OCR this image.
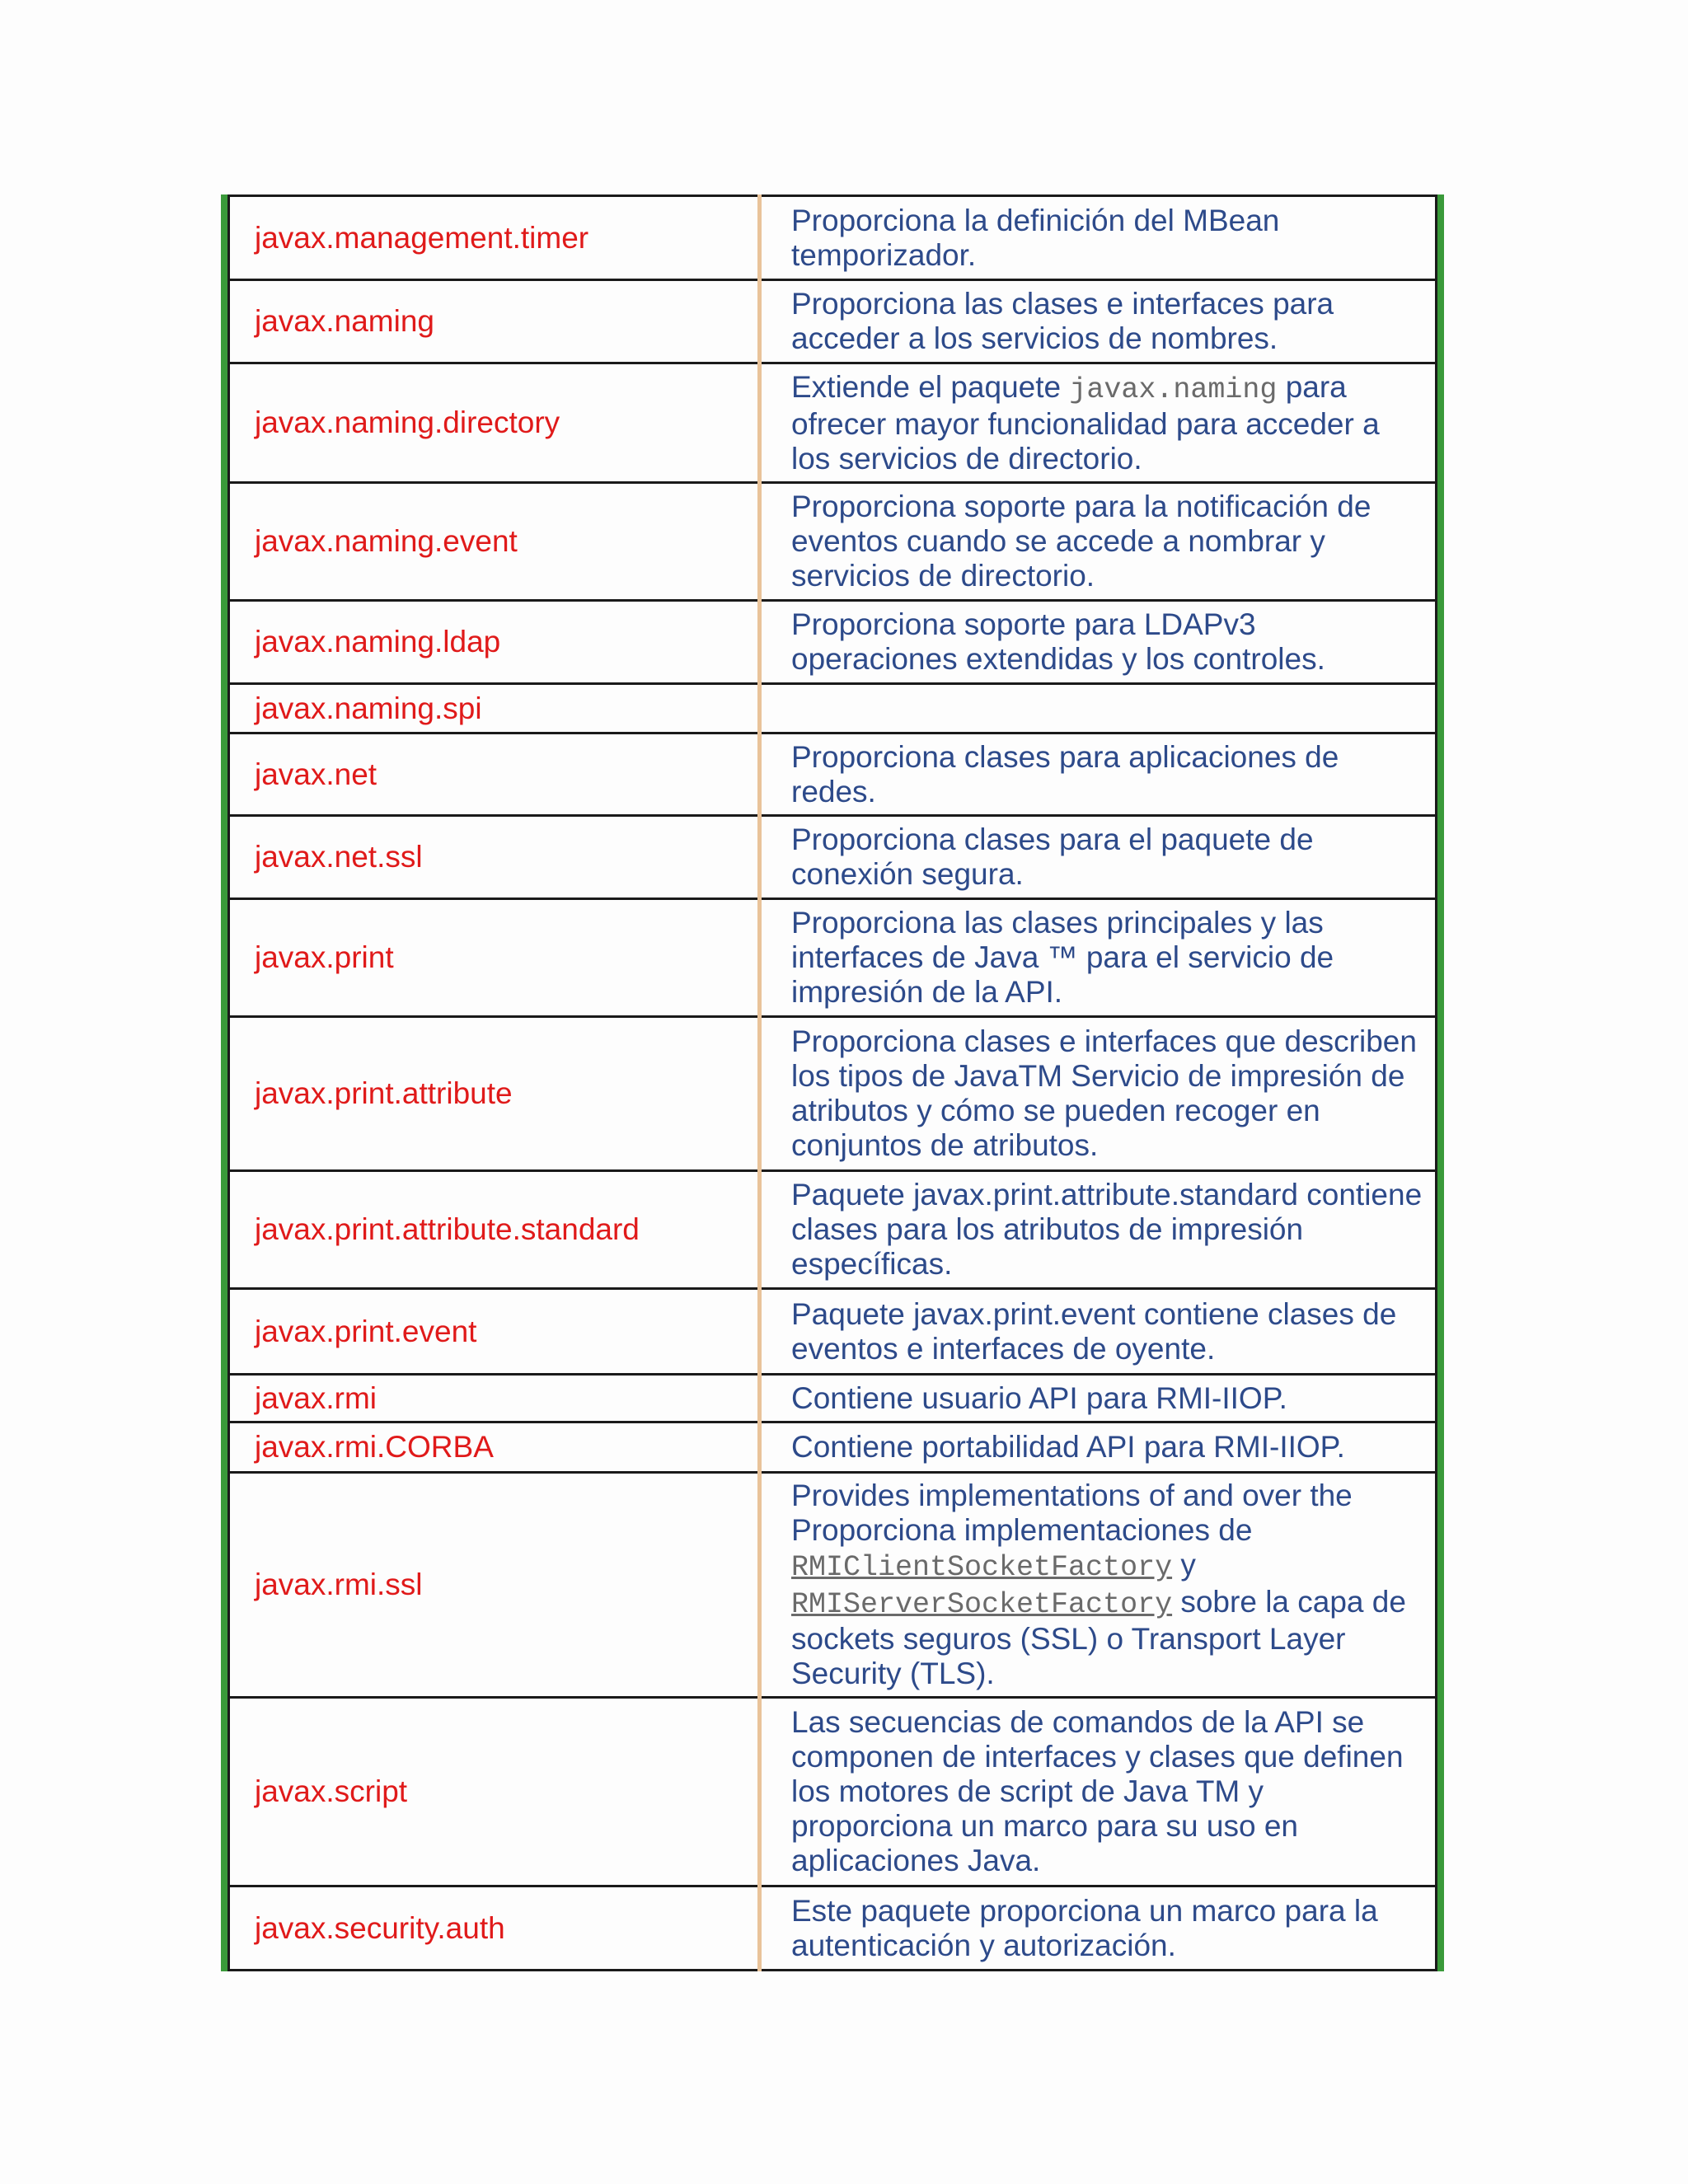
javax.management.timer	Proporciona la definición del MBean temporizador.
javax.naming	Proporciona las clases e interfaces para acceder a los servicios de nombres.
javax.naming.directory	Extiende el paquete javax.naming para ofrecer mayor funcionalidad para acceder a los servicios de directorio.
javax.naming.event	Proporciona soporte para la notificación de eventos cuando se accede a nombrar y servicios de directorio.
javax.naming.ldap	Proporciona soporte para LDAPv3 operaciones extendidas y los controles.
javax.naming.spi	
javax.net	Proporciona clases para aplicaciones de redes.
javax.net.ssl	Proporciona clases para el paquete de conexión segura.
javax.print	Proporciona las clases principales y las interfaces de Java ™ para el servicio de impresión de la API.
javax.print.attribute	Proporciona clases e interfaces que describen los tipos de JavaTM Servicio de impresión de atributos y cómo se pueden recoger en conjuntos de atributos.
javax.print.attribute.standard	Paquete javax.print.attribute.standard contiene clases para los atributos de impresión específicas.
javax.print.event	Paquete javax.print.event contiene clases de eventos e interfaces de oyente.
javax.rmi	Contiene usuario API para RMI-IIOP.
javax.rmi.CORBA	Contiene portabilidad API para RMI-IIOP.
javax.rmi.ssl	Provides implementations of and over the Proporciona implementaciones de RMIClientSocketFactory y RMIServerSocketFactory sobre la capa de sockets seguros (SSL) o Transport Layer Security (TLS).
javax.script	Las secuencias de comandos de la API se componen de interfaces y clases que definen los motores de script de Java TM y proporciona un marco para su uso en aplicaciones Java.
javax.security.auth	Este paquete proporciona un marco para la autenticación y autorización.
